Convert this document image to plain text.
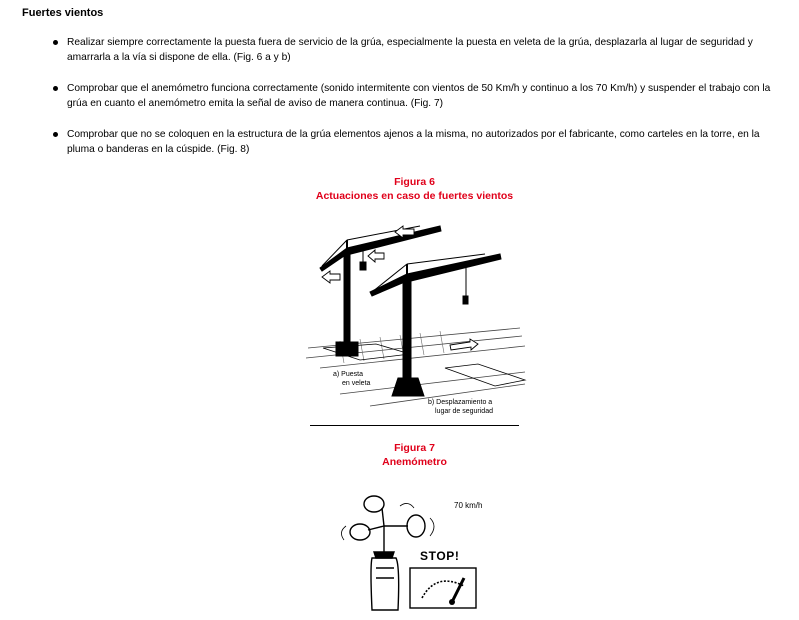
Fuertes vientos
Realizar siempre correctamente la puesta fuera de servicio de la grúa, especialmente la puesta en veleta de la grúa, desplazarla al lugar de seguridad y amarrarla a la vía si dispone de ella. (Fig. 6 a y b)
Comprobar que el anemómetro funciona correctamente (sonido intermitente con vientos de 50 Km/h y continuo a los 70 Km/h) y suspender el trabajo con la grúa en cuanto el anemómetro emita la señal de aviso de manera continua. (Fig. 7)
Comprobar que no se coloquen en la estructura de la grúa elementos ajenos a la misma, no autorizados por el fabricante, como carteles en la torre, en la pluma o banderas en la cúspide. (Fig. 8)
Figura 6
Actuaciones en caso de fuertes vientos
a) Puesta
en veleta
b) Desplazamiento a
lugar de seguridad
Figura 7
Anemómetro
70 km/h
STOP!
